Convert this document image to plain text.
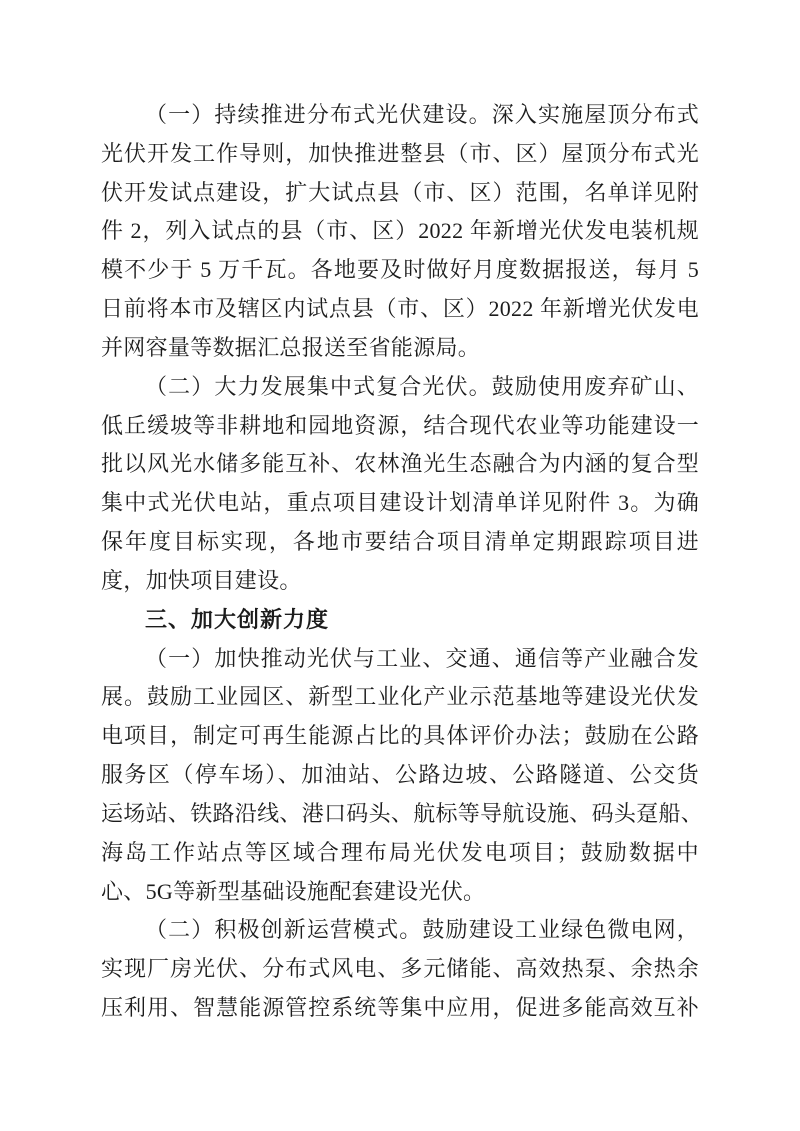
（一）持续推进分布式光伏建设。深入实施屋顶分布式
光伏开发工作导则，加快推进整县（市、区）屋顶分布式光
伏开发试点建设，扩大试点县（市、区）范围，名单详见附
件 2，列入试点的县（市、区）2022 年新增光伏发电装机规
模不少于 5 万千瓦。各地要及时做好月度数据报送，每月 5
日前将本市及辖区内试点县（市、区）2022 年新增光伏发电
并网容量等数据汇总报送至省能源局。
（二）大力发展集中式复合光伏。鼓励使用废弃矿山、
低丘缓坡等非耕地和园地资源，结合现代农业等功能建设一
批以风光水储多能互补、农林渔光生态融合为内涵的复合型
集中式光伏电站，重点项目建设计划清单详见附件 3。为确
保年度目标实现，各地市要结合项目清单定期跟踪项目进
度，加快项目建设。
三、加大创新力度
（一）加快推动光伏与工业、交通、通信等产业融合发
展。鼓励工业园区、新型工业化产业示范基地等建设光伏发
电项目，制定可再生能源占比的具体评价办法；鼓励在公路
服务区（停车场）、加油站、公路边坡、公路隧道、公交货
运场站、铁路沿线、港口码头、航标等导航设施、码头趸船、
海岛工作站点等区域合理布局光伏发电项目；鼓励数据中
心、5G等新型基础设施配套建设光伏。
（二）积极创新运营模式。鼓励建设工业绿色微电网，
实现厂房光伏、分布式风电、多元储能、高效热泵、余热余
压利用、智慧能源管控系统等集中应用，促进多能高效互补
